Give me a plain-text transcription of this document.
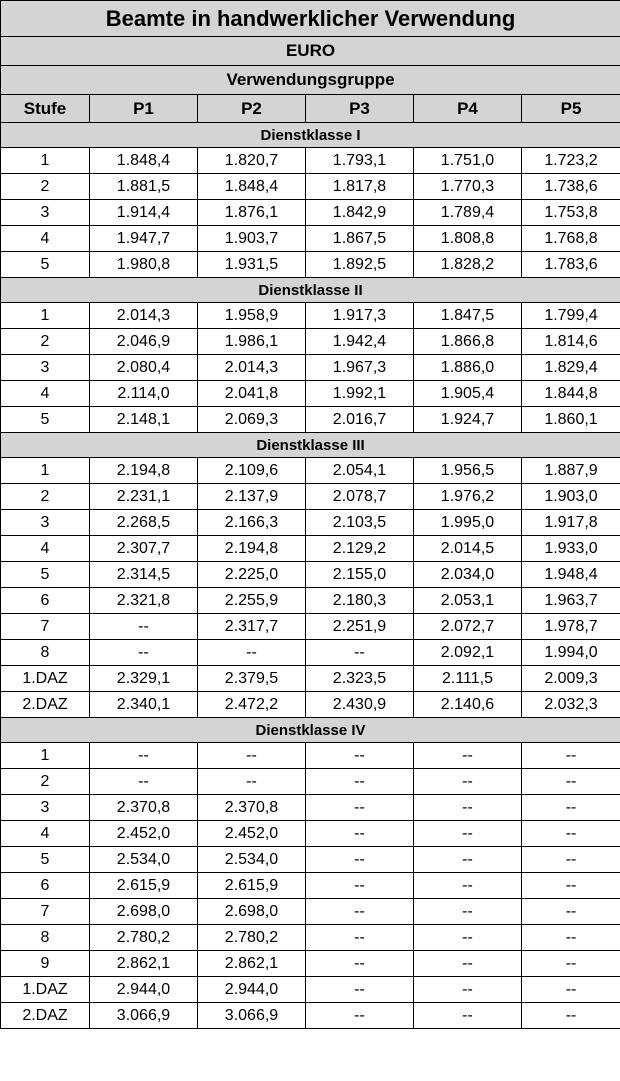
Beamte in handwerklicher Verwendung					
EURO					
Verwendungsgruppe					
Stufe	P1	P2	P3	P4	P5
Dienstklasse I					
1	1.848,4	1.820,7	1.793,1	1.751,0	1.723,2
2	1.881,5	1.848,4	1.817,8	1.770,3	1.738,6
3	1.914,4	1.876,1	1.842,9	1.789,4	1.753,8
4	1.947,7	1.903,7	1.867,5	1.808,8	1.768,8
5	1.980,8	1.931,5	1.892,5	1.828,2	1.783,6
Dienstklasse II					
1	2.014,3	1.958,9	1.917,3	1.847,5	1.799,4
2	2.046,9	1.986,1	1.942,4	1.866,8	1.814,6
3	2.080,4	2.014,3	1.967,3	1.886,0	1.829,4
4	2.114,0	2.041,8	1.992,1	1.905,4	1.844,8
5	2.148,1	2.069,3	2.016,7	1.924,7	1.860,1
Dienstklasse III					
1	2.194,8	2.109,6	2.054,1	1.956,5	1.887,9
2	2.231,1	2.137,9	2.078,7	1.976,2	1.903,0
3	2.268,5	2.166,3	2.103,5	1.995,0	1.917,8
4	2.307,7	2.194,8	2.129,2	2.014,5	1.933,0
5	2.314,5	2.225,0	2.155,0	2.034,0	1.948,4
6	2.321,8	2.255,9	2.180,3	2.053,1	1.963,7
7	--	2.317,7	2.251,9	2.072,7	1.978,7
8	--	--	--	2.092,1	1.994,0
1.DAZ	2.329,1	2.379,5	2.323,5	2.111,5	2.009,3
2.DAZ	2.340,1	2.472,2	2.430,9	2.140,6	2.032,3
Dienstklasse IV					
1	--	--	--	--	--
2	--	--	--	--	--
3	2.370,8	2.370,8	--	--	--
4	2.452,0	2.452,0	--	--	--
5	2.534,0	2.534,0	--	--	--
6	2.615,9	2.615,9	--	--	--
7	2.698,0	2.698,0	--	--	--
8	2.780,2	2.780,2	--	--	--
9	2.862,1	2.862,1	--	--	--
1.DAZ	2.944,0	2.944,0	--	--	--
2.DAZ	3.066,9	3.066,9	--	--	--
